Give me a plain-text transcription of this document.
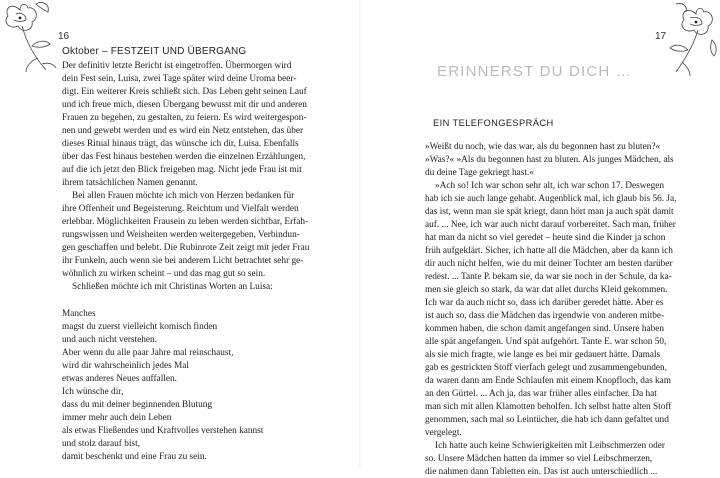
16	17
Oktober – FESTZEIT UND ÜBERGANG
Der definitiv letzte Bericht ist eingetroffen. Übermorgen wird
dein Fest sein, Luisa, zwei Tage später wird deine Uroma beer-
digt. Ein weiterer Kreis schließt sich. Das Leben geht seinen Lauf
und ich freue mich, diesen Übergang bewusst mit dir und anderen
Frauen zu begehen, zu gestalten, zu feiern. Es wird weitergespon-
nen und gewebt werden und es wird ein Netz entstehen, das über
dieses Ritual hinaus trägt, das wünsche ich dir, Luisa. Ebenfalls
über das Fest hinaus bestehen werden die einzelnen Erzählungen,
auf die ich jetzt den Blick freigeben mag. Nicht jede Frau ist mit
ihrem tatsächlichen Namen genannt.
Bei allen Frauen möchte ich mich von Herzen bedanken für
ihre Offenheit und Begeisterung. Reichtum und Vielfalt werden
erlebbar. Möglichkeiten Frausein zu leben werden sichtbar, Erfah-
rungswissen und Weisheiten werden weitergegeben, Verbindun-
gen geschaffen und belebt. Die Rubinrote Zeit zeigt mit jeder Frau
ihr Funkeln, auch wenn sie bei anderem Licht betrachtet sehr ge-
wöhnlich zu wirken scheint – und das mag gut so sein.
Schließen möchte ich mit Christinas Worten an Luisa:
Manches
magst du zuerst vielleicht komisch finden
und auch nicht verstehen.
Aber wenn du alle paar Jahre mal reinschaust,
wird dir wahrscheinlich jedes Mal
etwas anderes Neues auffallen.
Ich wünsche dir,
dass du mit deiner beginnenden Blutung
immer mehr auch dein Leben
als etwas Fließendes und Kraftvolles verstehen kannst
und stolz darauf bist,
damit beschenkt und eine Frau zu sein.
ERINNERST DU DICH …
EIN TELEFONGESPRÄCH
»Weißt du noch, wie das war, als du begonnen hast zu bluten?«
»Was?« »Als du begonnen hast zu bluten. Als junges Mädchen, als
du deine Tage gekriegt hast.«
»Ach so! Ich war schon sehr alt, ich war schon 17. Deswegen
hab ich sie auch lange gehabt. Augenblick mal, ich glaub bis 56. Ja,
das ist, wenn man sie spät kriegt, dann hört man ja auch spät damit
auf. ... Nee, ich war auch nicht darauf vorbereitet. Sach man, früher
hat man da nicht so viel geredet – heute sind die Kinder ja schon
früh aufgeklärt. Sicher, ich hatte all die Mädchen, aber da kann ich
dir auch nicht helfen, wie du mit deiner Tochter am besten darüber
redest. ... Tante P. bekam sie, da war sie noch in der Schule, da ka-
men sie gleich so stark, da war dat allet durchs Kleid gekommen.
Ich war da auch nicht so, dass ich darüber geredet hätte. Aber es
ist auch so, dass die Mädchen das irgendwie von anderen mitbe-
kommen haben, die schon damit angefangen sind. Unsere haben
alle spät angefangen. Und spät aufgehört. Tante E. war schon 50,
als sie mich fragte, wie lange es bei mir gedauert hätte. Damals
gab es gestrickten Stoff vierfach gelegt und zusammengebunden,
da waren dann am Ende Schlaufen mit einem Knopfloch, das kam
an den Gürtel. ... Ach ja, das war früher alles einfacher. Da hat
man sich mit allen Klamotten beholfen. Ich selbst hatte alten Stoff
genommen, sach mal so Leintücher, die hab ich dann gefaltet und
vergelegt.
Ich hatte auch keine Schwierigkeiten mit Leibschmerzen oder
so. Unsere Mädchen hatten da immer so viel Leibschmerzen,
die nahmen dann Tabletten ein. Das ist auch unterschiedlich ...
